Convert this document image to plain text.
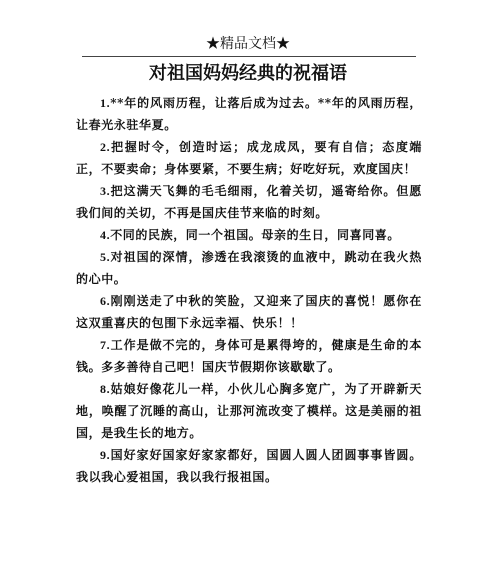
★精品文档★
对祖国妈妈经典的祝福语

1.**年的风雨历程，让落后成为过去。**年的风雨历程，让春光永驻华夏。

2.把握时令，创造时运；成龙成凤，要有自信；态度端正，不要卖命；身体要紧，不要生病；好吃好玩，欢度国庆！

3.把这满天飞舞的毛毛细雨，化着关切，遥寄给你。但愿我们间的关切，不再是国庆佳节来临的时刻。

4.不同的民族，同一个祖国。母亲的生日，同喜同喜。

5.对祖国的深情，渗透在我滚烫的血液中，跳动在我火热的心中。

6.刚刚送走了中秋的笑脸，又迎来了国庆的喜悦！愿你在这双重喜庆的包围下永远幸福、快乐！！

7.工作是做不完的，身体可是累得垮的，健康是生命的本钱。多多善待自己吧！国庆节假期你该歇歇了。

8.姑娘好像花儿一样，小伙儿心胸多宽广，为了开辟新天地，唤醒了沉睡的高山，让那河流改变了模样。这是美丽的祖国，是我生长的地方。

9.国好家好国家好家家都好，国圆人圆人团圆事事皆圆。我以我心爱祖国，我以我行报祖国。
